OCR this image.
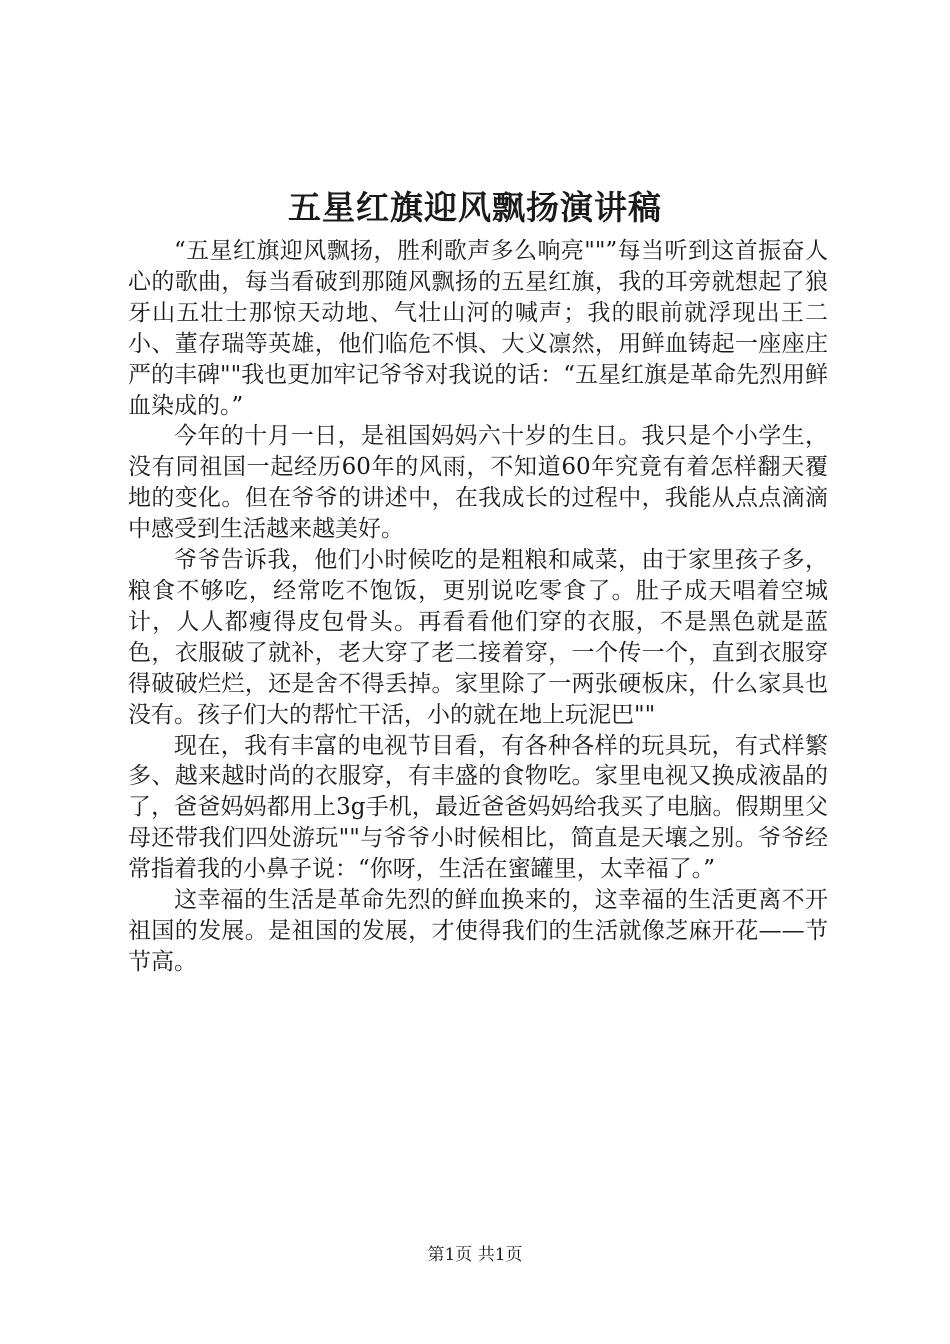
五星红旗迎风飘扬演讲稿

“五星红旗迎风飘扬，胜利歌声多么响亮""”每当听到这首振奋人心的歌曲，每当看破到那随风飘扬的五星红旗，我的耳旁就想起了狼牙山五壮士那惊天动地、气壮山河的喊声；我的眼前就浮现出王二小、董存瑞等英雄，他们临危不惧、大义凛然，用鲜血铸起一座座庄严的丰碑""我也更加牢记爷爷对我说的话：“五星红旗是革命先烈用鲜血染成的。”

今年的十月一日，是祖国妈妈六十岁的生日。我只是个小学生，没有同祖国一起经历60年的风雨，不知道60年究竟有着怎样翻天覆地的变化。但在爷爷的讲述中，在我成长的过程中，我能从点点滴滴中感受到生活越来越美好。

爷爷告诉我，他们小时候吃的是粗粮和咸菜，由于家里孩子多，粮食不够吃，经常吃不饱饭，更别说吃零食了。肚子成天唱着空城计，人人都瘦得皮包骨头。再看看他们穿的衣服，不是黑色就是蓝色，衣服破了就补，老大穿了老二接着穿，一个传一个，直到衣服穿得破破烂烂，还是舍不得丢掉。家里除了一两张硬板床，什么家具也没有。孩子们大的帮忙干活，小的就在地上玩泥巴""

现在，我有丰富的电视节目看，有各种各样的玩具玩，有式样繁多、越来越时尚的衣服穿，有丰盛的食物吃。家里电视又换成液晶的了，爸爸妈妈都用上3g手机，最近爸爸妈妈给我买了电脑。假期里父母还带我们四处游玩""与爷爷小时候相比，简直是天壤之别。爷爷经常指着我的小鼻子说：“你呀，生活在蜜罐里，太幸福了。”

这幸福的生活是革命先烈的鲜血换来的，这幸福的生活更离不开祖国的发展。是祖国的发展，才使得我们的生活就像芝麻开花——节节高。

第1页 共1页
